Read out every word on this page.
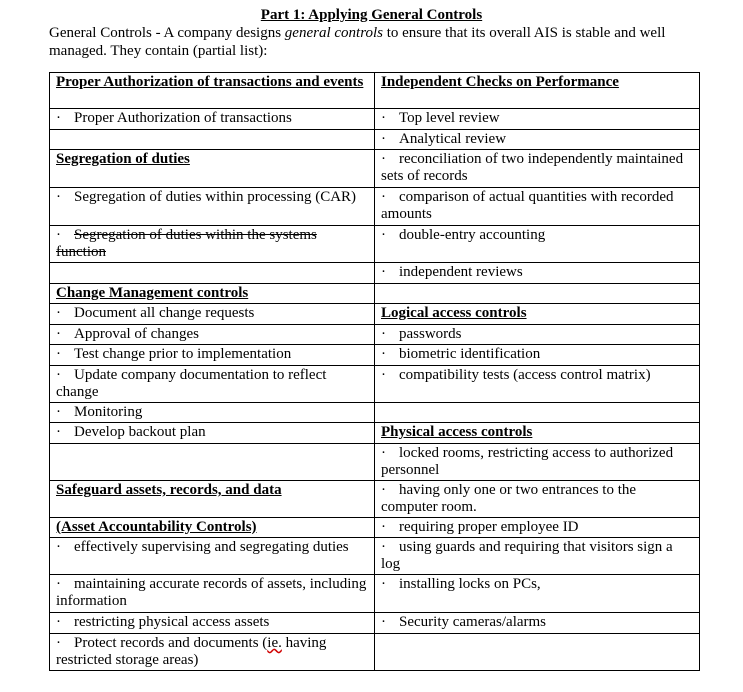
Part 1: Applying General Controls

General Controls - A company designs general controls to ensure that its overall AIS is stable and well

managed. They contain (partial list):

Proper Authorization of transactions and events	Independent Checks on Performance
· Proper Authorization of transactions	· Top level review
	· Analytical review
Segregation of duties	· reconciliation of two independently maintained sets of records
· Segregation of duties within processing (CAR)	· comparison of actual quantities with recorded amounts
· Segregation of duties within the systems function	· double-entry accounting
	· independent reviews
Change Management controls	
· Document all change requests	Logical access controls
· Approval of changes	· passwords
· Test change prior to implementation	· biometric identification
· Update company documentation to reflect change	· compatibility tests (access control matrix)
· Monitoring	
· Develop backout plan	Physical access controls
	· locked rooms, restricting access to authorized personnel
Safeguard assets, records, and data	· having only one or two entrances to the computer room.
(Asset Accountability Controls)	· requiring proper employee ID
· effectively supervising and segregating duties	· using guards and requiring that visitors sign a log
· maintaining accurate records of assets, including information	· installing locks on PCs,
· restricting physical access assets	· Security cameras/alarms
· Protect records and documents (ie. having restricted storage areas)	
